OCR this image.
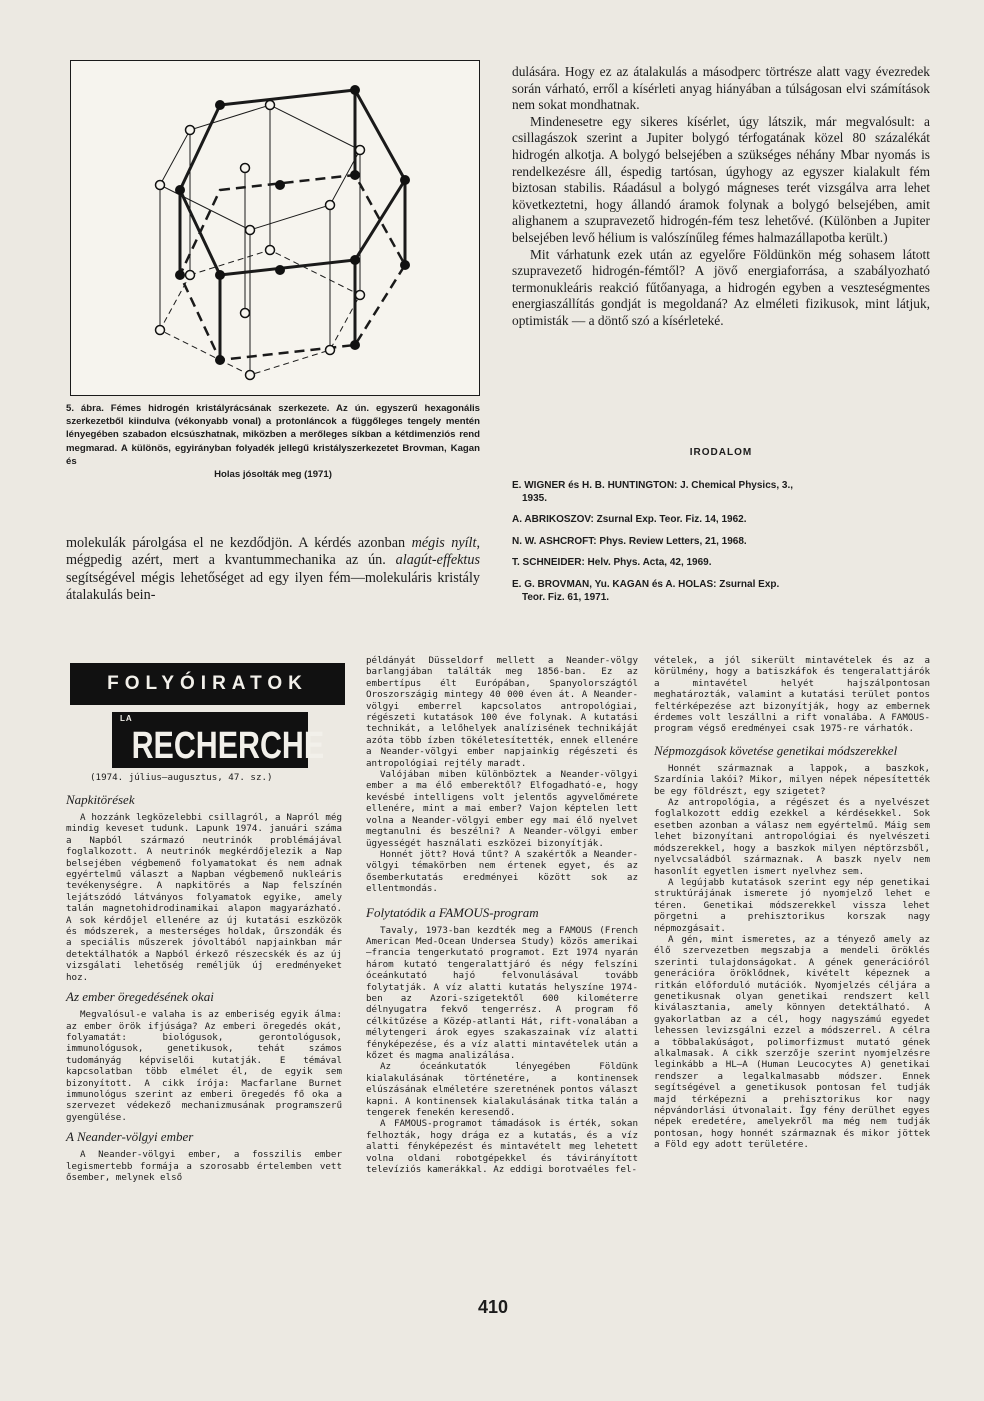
5. ábra. Fémes hidrogén kristályrácsának szerkezete. Az ún. egyszerű hexagonális szerkezetből kiindulva (vékonyabb vonal) a protonláncok a függőleges tengely mentén lényegében szabadon elcsúszhatnak, miközben a merőleges síkban a kétdimenziós rend megmarad. A különös, egyirányban folyadék jellegű kristályszerkezetet Brovman, Kagan és

Holas jósolták meg (1971)

molekulák párolgása el ne kezdődjön. A kérdés azonban mégis nyílt, mégpedig azért, mert a kvantummechanika az ún. alagút-effektus segítségével mégis lehetőséget ad egy ilyen fém—molekuláris kristály átalakulás bein-

dulására. Hogy ez az átalakulás a másodperc törtrésze alatt vagy évezredek során várható, erről a kísérleti anyag hiányában a túlságosan elvi számítások nem sokat mondhatnak.

Mindenesetre egy sikeres kísérlet, úgy látszik, már megvalósult: a csillagászok szerint a Jupiter bolygó térfogatának közel 80 százalékát hidrogén alkotja. A bolygó belsejében a szükséges néhány Mbar nyomás is rendelkezésre áll, éspedig tartósan, úgyhogy az egyszer kialakult fém biztosan stabilis. Ráadásul a bolygó mágneses terét vizsgálva arra lehet következtetni, hogy állandó áramok folynak a bolygó belsejében, amit alighanem a szupravezető hidrogén-fém tesz lehetővé. (Különben a Jupiter belsejében levő hélium is valószínűleg fémes halmazállapotba került.)

Mit várhatunk ezek után az egyelőre Földünkön még sohasem látott szupravezető hidrogén-fémtől? A jövő energiaforrása, a szabályozható termonukleáris reakció fűtőanyaga, a hidrogén egyben a veszteségmentes energiaszállítás gondját is megoldaná? Az elméleti fizikusok, mint látjuk, optimisták — a döntő szó a kísérleteké.

IRODALOM
E. WIGNER és H. B. HUNTINGTON: J. Chemical Physics, 3.,
1935.
A. ABRIKOSZOV: Zsurnal Exp. Teor. Fiz. 14, 1962.
N. W. ASHCROFT: Phys. Review Letters, 21, 1968.
T. SCHNEIDER: Helv. Phys. Acta, 42, 1969.
E. G. BROVMAN, Yu. KAGAN és A. HOLAS: Zsurnal Exp.
Teor. Fiz. 61, 1971.
FOLYÓIRATOK
LA
RECHERCHE
(1974. július—augusztus, 47. sz.)
Napkitörések

A hozzánk legközelebbi csillagról, a Napról még mindig keveset tudunk. Lapunk 1974. januári száma a Napból származó neutrinók problémájával foglalkozott. A neutrinók megkérdőjelezik a Nap belsejében végbemenő folyamatokat és nem adnak egyértelmű választ a Napban végbemenő nukleáris tevékenységre. A napkitörés a Nap felszínén lejátszódó látványos folyamatok egyike, amely talán magnetohidrodinamikai alapon magyarázható. A sok kérdőjel ellenére az új kutatási eszközök és módszerek, a mesterséges holdak, űrszondák és a speciális műszerek jóvoltából napjainkban már detektálhatók a Napból érkező részecskék és az új vizsgálati lehetőség reméljük új eredményeket hoz.

Az ember öregedésének okai

Megvalósul-e valaha is az emberiség egyik álma: az ember örök ifjúsága? Az emberi öregedés okát, folyamatát: biológusok, gerontológusok, immunológusok, genetikusok, tehát számos tudományág képviselői kutatják. E témával kapcsolatban több elmélet él, de egyik sem bizonyított. A cikk írója: Macfarlane Burnet immunológus szerint az emberi öregedés fő oka a szervezet védekező mechanizmusának programszerű gyengülése.

A Neander-völgyi ember

A Neander-völgyi ember, a fosszilis ember legismertebb formája a szorosabb értelemben vett ősember, melynek első

példányát Düsseldorf mellett a Neander-völgy barlangjában találták meg 1856-ban. Ez az embertípus élt Európában, Spanyolországtól Oroszországig mintegy 40 000 éven át. A Neander-völgyi emberrel kapcsolatos antropológiai, régészeti kutatások 100 éve folynak. A kutatási technikát, a lelőhelyek analízisének technikáját azóta több ízben tökéletesítették, ennek ellenére a Neander-völgyi ember napjainkig régészeti és antropológiai rejtély maradt.

Valójában miben különböztek a Neander-völgyi ember a ma élő emberektől? Elfogadható-e, hogy kevésbé intelligens volt jelentős agyvelőmérete ellenére, mint a mai ember? Vajon képtelen lett volna a Neander-völgyi ember egy mai élő nyelvet megtanulni és beszélni? A Neander-völgyi ember ügyességét használati eszközei bizonyítják.

Honnét jött? Hová tűnt? A szakértők a Neander-völgyi témakörben nem értenek egyet, és az ősemberkutatás eredményei között sok az ellentmondás.

Folytatódik a FAMOUS-program

Tavaly, 1973-ban kezdték meg a FAMOUS (French American Med-Ocean Undersea Study) közös amerikai—francia tengerkutató programot. Ezt 1974 nyarán három kutató tengeralattjáró és négy felszíni óceánkutató hajó felvonulásával tovább folytatják. A víz alatti kutatás helyszíne 1974-ben az Azori-szigetektől 600 kilométerre délnyugatra fekvő tengerrész. A program fő célkitűzése a Közép-atlanti Hát, rift-vonalában a mélytengeri árok egyes szakaszainak víz alatti fényképezése, és a víz alatti mintavételek után a kőzet és magma analizálása.

Az óceánkutatók lényegében Földünk kialakulásának történetére, a kontinensek elúszásának elméletére szeretnének pontos választ kapni. A kontinensek kialakulásának titka talán a tengerek fenekén keresendő.

A FAMOUS-programot támadások is érték, sokan felhozták, hogy drága ez a kutatás, és a víz alatti fényképezést és mintavételt meg lehetett volna oldani robotgépekkel és távirányított televíziós kamerákkal. Az eddigi borotvaéles fel-

vételek, a jól sikerült mintavételek és az a körülmény, hogy a batiszkáfok és tengeralattjárók a mintavétel helyét hajszálpontosan meghatározták, valamint a kutatási terület pontos feltérképezése azt bizonyítják, hogy az embernek érdemes volt leszállni a rift vonalába. A FAMOUS-program végső eredményei csak 1975-re várhatók.

Népmozgások követése genetikai módszerekkel

Honnét származnak a lappok, a baszkok, Szardínia lakói? Mikor, milyen népek népesítették be egy földrészt, egy szigetet?

Az antropológia, a régészet és a nyelvészet foglalkozott eddig ezekkel a kérdésekkel. Sok esetben azonban a válasz nem egyértelmű. Máig sem lehet bizonyítani antropológiai és nyelvészeti módszerekkel, hogy a baszkok milyen néptörzsből, nyelvcsaládból származnak. A baszk nyelv nem hasonlít egyetlen ismert nyelvhez sem.

A legújabb kutatások szerint egy nép genetikai struktúrájának ismerete jó nyomjelző lehet e téren. Genetikai módszerekkel vissza lehet pörgetni a prehisztorikus korszak nagy népmozgásait.

A gén, mint ismeretes, az a tényező amely az élő szervezetben megszabja a mendeli öröklés szerinti tulajdonságokat. A gének generációról generációra öröklődnek, kivételt képeznek a ritkán előforduló mutációk. Nyomjelzés céljára a genetikusnak olyan genetikai rendszert kell kiválasztania, amely könnyen detektálható. A gyakorlatban az a cél, hogy nagyszámú egyedet lehessen levizsgálni ezzel a módszerrel. A célra a többalakúságot, polimorfizmust mutató gének alkalmasak. A cikk szerzője szerint nyomjelzésre leginkább a HL—A (Human Leucocytes A) genetikai rendszer a legalkalmasabb módszer. Ennek segítségével a genetikusok pontosan fel tudják majd térképezni a prehisztorikus kor nagy népvándorlási útvonalait. Így fény derülhet egyes népek eredetére, amelyekről ma még nem tudják pontosan, hogy honnét származnak és mikor jöttek a Föld egy adott területére.

410
